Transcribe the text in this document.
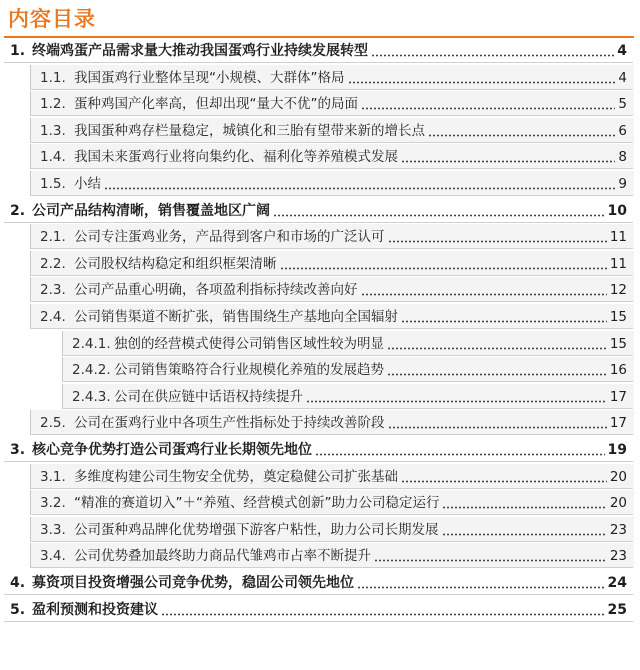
内容目录
1. 终端鸡蛋产品需求量大推动我国蛋鸡行业持续发展转型	4
1.1. 我国蛋鸡行业整体呈现“小规模、大群体”格局	4
1.2. 蛋种鸡国产化率高，但却出现“量大不优”的局面	5
1.3. 我国蛋种鸡存栏量稳定，城镇化和三胎有望带来新的增长点	6
1.4. 我国未来蛋鸡行业将向集约化、福利化等养殖模式发展	8
1.5. 小结	9
2. 公司产品结构清晰，销售覆盖地区广阔	10
2.1. 公司专注蛋鸡业务，产品得到客户和市场的广泛认可	11
2.2. 公司股权结构稳定和组织框架清晰	11
2.3. 公司产品重心明确，各项盈利指标持续改善向好	12
2.4. 公司销售渠道不断扩张，销售围绕生产基地向全国辐射	15
2.4.1. 独创的经营模式使得公司销售区域性较为明显	15
2.4.2. 公司销售策略符合行业规模化养殖的发展趋势	16
2.4.3. 公司在供应链中话语权持续提升	17
2.5. 公司在蛋鸡行业中各项生产性指标处于持续改善阶段	17
3. 核心竞争优势打造公司蛋鸡行业长期领先地位	19
3.1. 多维度构建公司生物安全优势，奠定稳健公司扩张基础	20
3.2. “精准的赛道切入”＋“养殖、经营模式创新”助力公司稳定运行	20
3.3. 公司蛋种鸡品牌化优势增强下游客户粘性，助力公司长期发展	23
3.4. 公司优势叠加最终助力商品代雏鸡市占率不断提升	23
4. 募资项目投资增强公司竞争优势，稳固公司领先地位	24
5. 盈利预测和投资建议	25
